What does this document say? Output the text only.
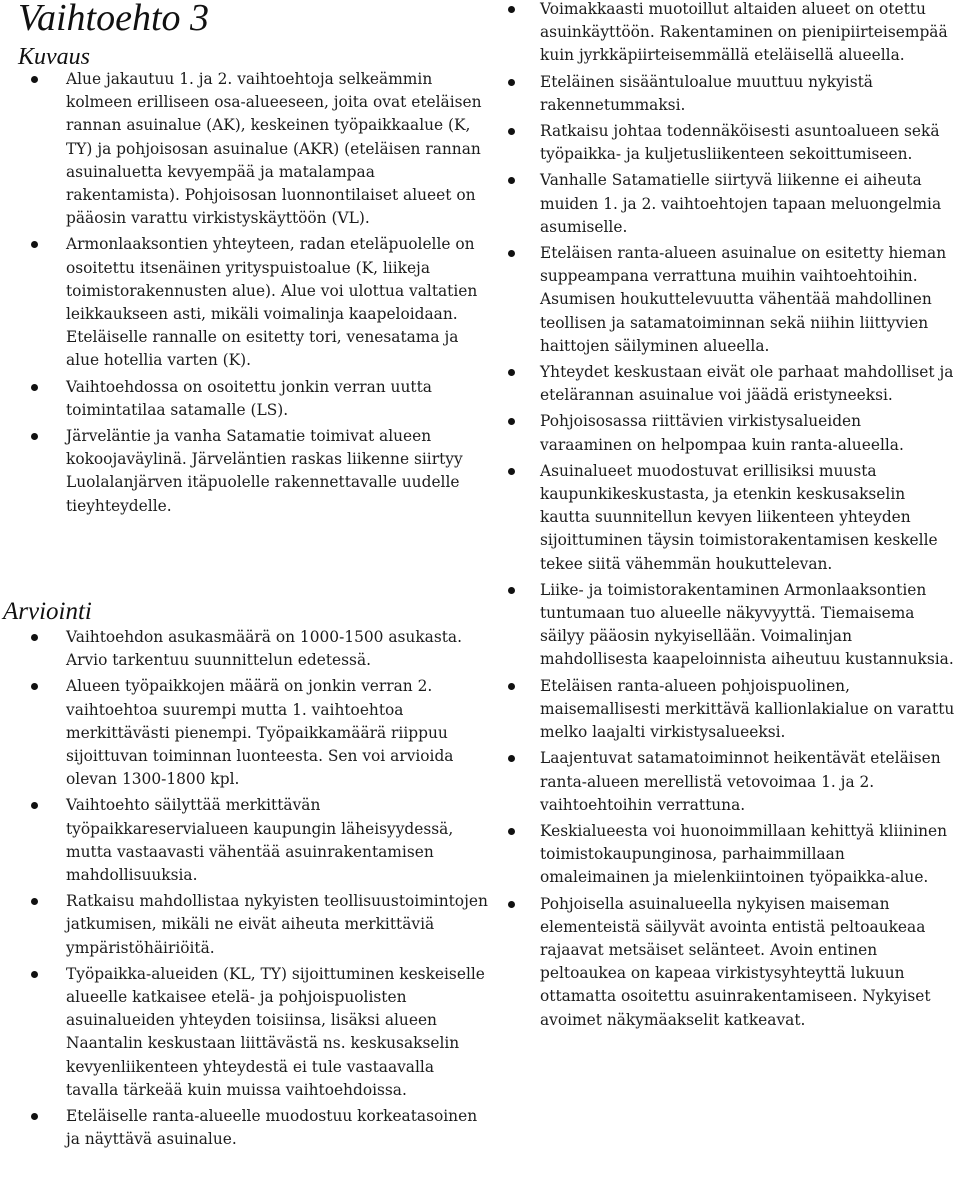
Vaihtoehto 3
Kuvaus
Alue jakautuu 1. ja 2. vaihtoehtoja selkeämmin kolmeen erilliseen osa-alueeseen, joita ovat eteläisen rannan asuinalue (AK), keskeinen työpaikkaalue (K, TY) ja pohjoisosan asuinalue (AKR) (eteläisen rannan asuinaluetta kevyempää ja matalampaa rakentamista). Pohjoisosan luonnontilaiset alueet on pääosin varattu virkistyskäyttöön (VL).
Armonlaaksontien yhteyteen, radan eteläpuolelle on osoitettu itsenäinen yrityspuistoalue (K, liikeja toimistorakennusten alue). Alue voi ulottua valtatien leikkaukseen asti, mikäli voimalinja kaapeloidaan. Eteläiselle rannalle on esitetty tori, venesatama ja alue hotellia varten (K).
Vaihtoehdossa on osoitettu jonkin verran uutta toimintatilaa satamalle (LS).
Järveläntie ja vanha Satamatie toimivat alueen kokoojaväylinä. Järveläntien raskas liikenne siirtyy Luolalanjärven itäpuolelle rakennettavalle uudelle tieyhteydelle.
Arviointi
Vaihtoehdon asukasmäärä on 1000-1500 asukasta. Arvio tarkentuu suunnittelun edetessä.
Alueen työpaikkojen määrä on jonkin verran 2. vaihtoehtoa suurempi mutta 1. vaihtoehtoa merkittävästi pienempi. Työpaikkamäärä riippuu sijoittuvan toiminnan luonteesta. Sen voi arvioida olevan 1300-1800 kpl.
Vaihtoehto säilyttää merkittävän työpaikkareservialueen kaupungin läheisyydessä, mutta vastaavasti vähentää asuinrakentamisen mahdollisuuksia.
Ratkaisu mahdollistaa nykyisten teollisuustoimintojen jatkumisen, mikäli ne eivät aiheuta merkittäviä ympäristöhäiriöitä.
Työpaikka-alueiden (KL, TY) sijoittuminen keskeiselle alueelle katkaisee etelä- ja pohjoispuolisten asuinalueiden yhteyden toisiinsa, lisäksi alueen Naantalin keskustaan liittävästä ns. keskusakselin kevyenliikenteen yhteydestä ei tule vastaavalla tavalla tärkeää kuin muissa vaihtoehdoissa.
Eteläiselle ranta-alueelle muodostuu korkeatasoinen ja näyttävä asuinalue.
Voimakkaasti muotoillut altaiden alueet on otettu asuinkäyttöön. Rakentaminen on pienipiirteisempää kuin jyrkkäpiirteisemmällä eteläisellä alueella.
Eteläinen sisääntuloalue muuttuu nykyistä rakennetummaksi.
Ratkaisu johtaa todennäköisesti asuntoalueen sekä työpaikka- ja kuljetusliikenteen sekoittumiseen.
Vanhalle Satamatielle siirtyvä liikenne ei aiheuta muiden 1. ja 2. vaihtoehtojen tapaan meluongelmia asumiselle.
Eteläisen ranta-alueen asuinalue on esitetty hieman suppeampana verrattuna muihin vaihtoehtoihin. Asumisen houkuttelevuutta vähentää mahdollinen teollisen ja satamatoiminnan sekä niihin liittyvien haittojen säilyminen alueella.
Yhteydet keskustaan eivät ole parhaat mahdolliset ja etelärannan asuinalue voi jäädä eristyneeksi.
Pohjoisosassa riittävien virkistysalueiden varaaminen on helpompaa kuin ranta-alueella.
Asuinalueet muodostuvat erillisiksi muusta kaupunkikeskustasta, ja etenkin keskusakselin kautta suunnitellun kevyen liikenteen yhteyden sijoittuminen täysin toimistorakentamisen keskelle tekee siitä vähemmän houkuttelevan.
Liike- ja toimistorakentaminen Armonlaaksontien tuntumaan tuo alueelle näkyvyyttä. Tiemaisema säilyy pääosin nykyisellään. Voimalinjan mahdollisesta kaapeloinnista aiheutuu kustannuksia.
Eteläisen ranta-alueen pohjoispuolinen, maisemallisesti merkittävä kallionlakialue on varattu melko laajalti virkistysalueeksi.
Laajentuvat satamatoiminnot heikentävät eteläisen ranta-alueen merellistä vetovoimaa 1. ja 2. vaihtoehtoihin verrattuna.
Keskialueesta voi huonoimmillaan kehittyä kliininen toimistokaupunginosa, parhaimmillaan omaleimainen ja mielenkiintoinen työpaikka-alue.
Pohjoisella asuinalueella nykyisen maiseman elementeistä säilyvät avointa entistä peltoaukeaa rajaavat metsäiset selänteet. Avoin entinen peltoaukea on kapeaa virkistysyhteyttä lukuun ottamatta osoitettu asuinrakentamiseen. Nykyiset avoimet näkymäakselit katkeavat.
